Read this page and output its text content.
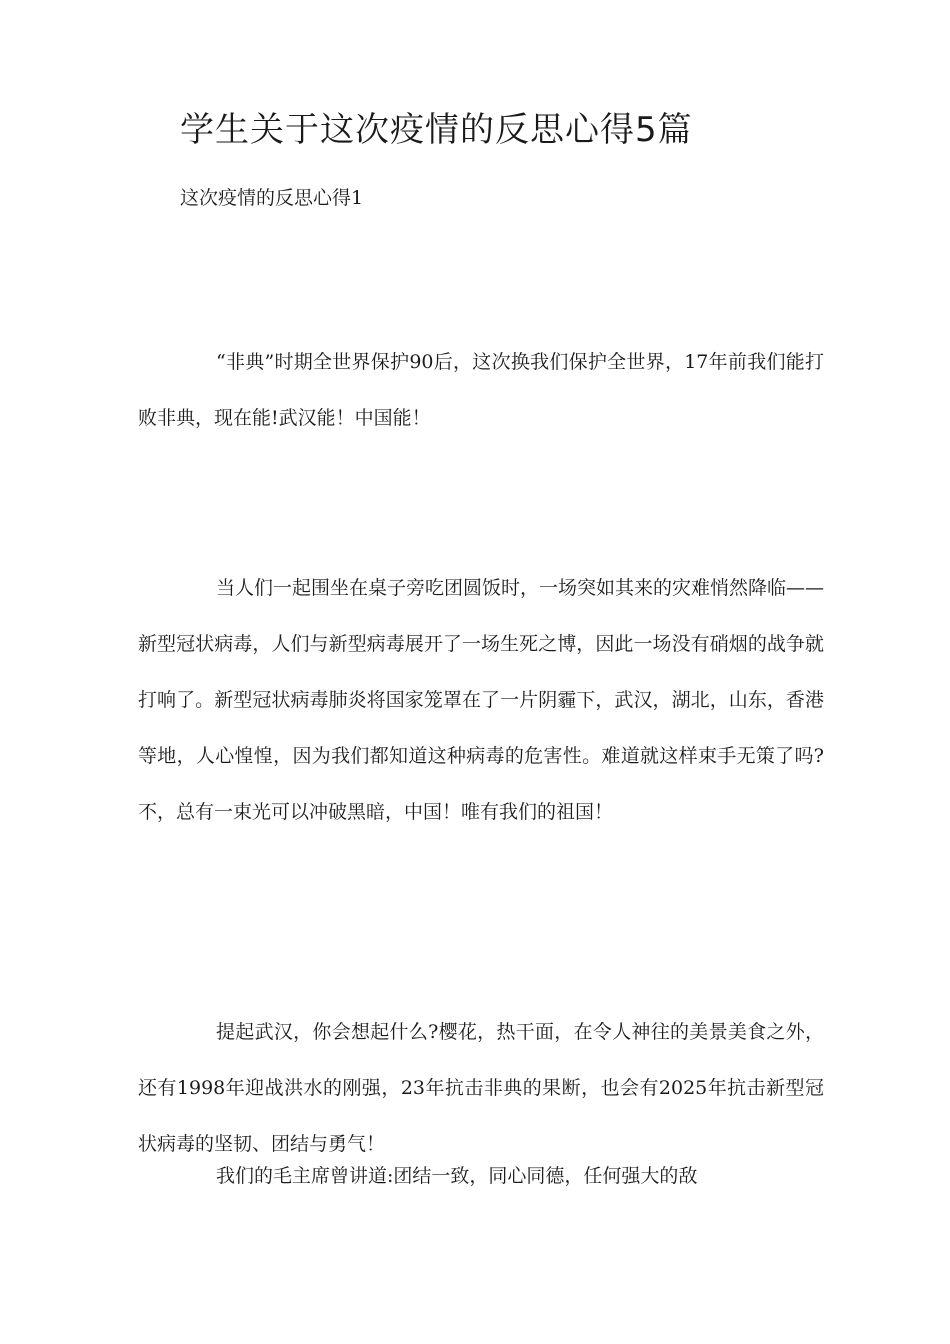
学生关于这次疫情的反思心得5篇

这次疫情的反思心得1

“非典”时期全世界保护90后，这次换我们保护全世界，17年前我们能打败非典，现在能!武汉能！中国能！

当人们一起围坐在桌子旁吃团圆饭时，一场突如其来的灾难悄然降临——新型冠状病毒，人们与新型病毒展开了一场生死之博，因此一场没有硝烟的战争就打响了。新型冠状病毒肺炎将国家笼罩在了一片阴霾下，武汉，湖北，山东，香港等地，人心惶惶，因为我们都知道这种病毒的危害性。难道就这样束手无策了吗?不，总有一束光可以冲破黑暗，中国！唯有我们的祖国！

提起武汉，你会想起什么?樱花，热干面，在令人神往的美景美食之外，还有1998年迎战洪水的刚强，23年抗击非典的果断，也会有2025年抗击新型冠状病毒的坚韧、团结与勇气！

我们的毛主席曾讲道:团结一致，同心同德，任何强大的敌
